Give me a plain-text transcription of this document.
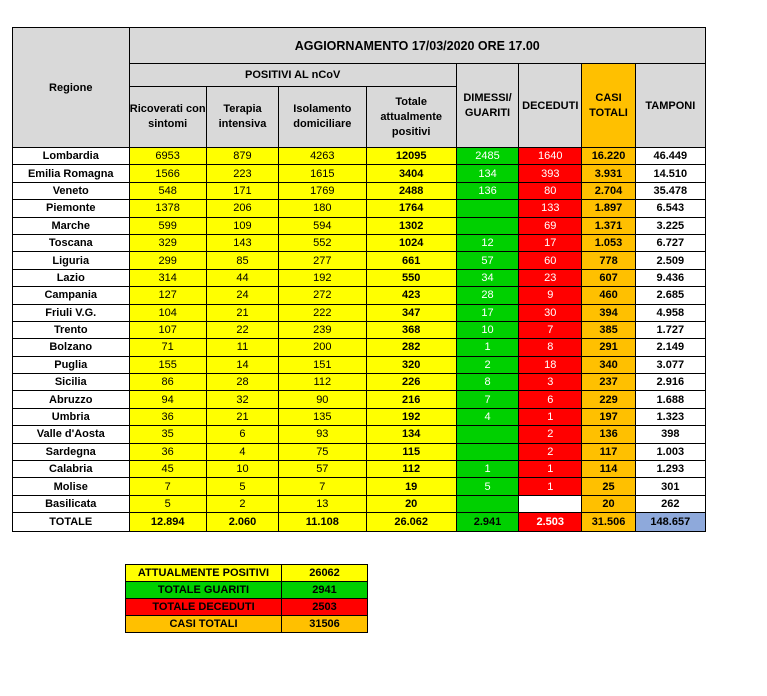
Regione	AGGIORNAMENTO 17/03/2020 ORE 17.00							
	POSITIVI AL nCoV				DIMESSI/ GUARITI	DECEDUTI	CASI TOTALI	TAMPONI
	Ricoverati con sintomi	Terapia intensiva	Isolamento domiciliare	Totale attualmente positivi				
Lombardia	6953	879	4263	12095	2485	1640	16.220	46.449
Emilia Romagna	1566	223	1615	3404	134	393	3.931	14.510
Veneto	548	171	1769	2488	136	80	2.704	35.478
Piemonte	1378	206	180	1764		133	1.897	6.543
Marche	599	109	594	1302		69	1.371	3.225
Toscana	329	143	552	1024	12	17	1.053	6.727
Liguria	299	85	277	661	57	60	778	2.509
Lazio	314	44	192	550	34	23	607	9.436
Campania	127	24	272	423	28	9	460	2.685
Friuli V.G.	104	21	222	347	17	30	394	4.958
Trento	107	22	239	368	10	7	385	1.727
Bolzano	71	11	200	282	1	8	291	2.149
Puglia	155	14	151	320	2	18	340	3.077
Sicilia	86	28	112	226	8	3	237	2.916
Abruzzo	94	32	90	216	7	6	229	1.688
Umbria	36	21	135	192	4	1	197	1.323
Valle d'Aosta	35	6	93	134		2	136	398
Sardegna	36	4	75	115		2	117	1.003
Calabria	45	10	57	112	1	1	114	1.293
Molise	7	5	7	19	5	1	25	301
Basilicata	5	2	13	20			20	262
TOTALE	12.894	2.060	11.108	26.062	2.941	2.503	31.506	148.657
ATTUALMENTE POSITIVI	26062
TOTALE GUARITI	2941
TOTALE DECEDUTI	2503
CASI TOTALI	31506
